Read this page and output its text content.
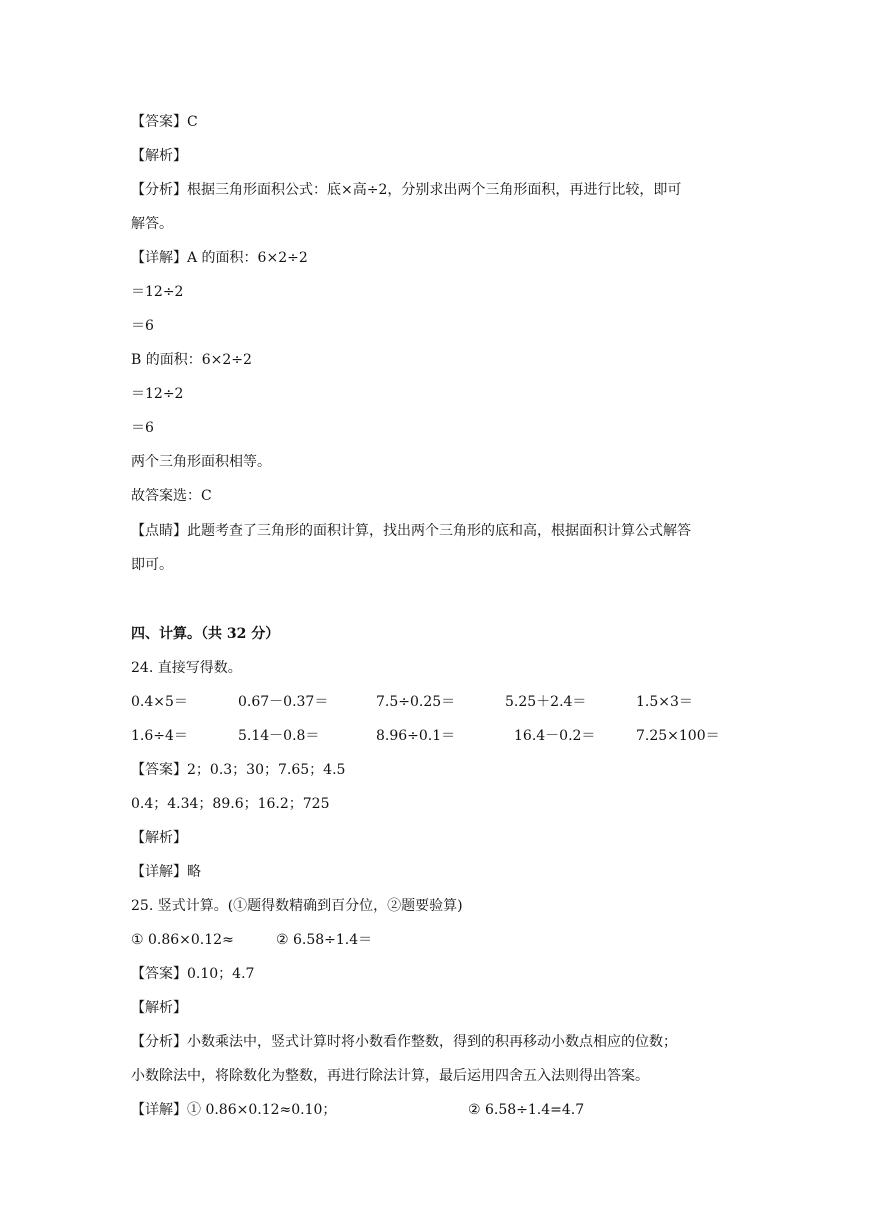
【答案】C
【解析】
【分析】根据三角形面积公式：底×高÷2，分别求出两个三角形面积，再进行比较，即可
解答。
【详解】A 的面积：6×2÷2
＝12÷2
＝6
B 的面积：6×2÷2
＝12÷2
＝6
两个三角形面积相等。
故答案选：C
【点睛】此题考查了三角形的面积计算，找出两个三角形的底和高，根据面积计算公式解答
即可。
四、计算。（共 32 分）
24. 直接写得数。
0.4×5＝	0.67－0.37＝	7.5÷0.25＝	5.25＋2.4＝	1.5×3＝
1.6÷4＝	5.14－0.8＝	8.96÷0.1＝	16.4－0.2＝	7.25×100＝
【答案】2；0.3；30；7.65；4.5
0.4；4.34；89.6；16.2；725
【解析】
【详解】略
25. 竖式计算。(①题得数精确到百分位，②题要验算)
① 0.86×0.12≈	② 6.58÷1.4＝
【答案】0.10；4.7
【解析】
【分析】小数乘法中，竖式计算时将小数看作整数，得到的积再移动小数点相应的位数；
小数除法中，将除数化为整数，再进行除法计算，最后运用四舍五入法则得出答案。
【详解】① 0.86×0.12≈0.10；	② 6.58÷1.4=4.7
